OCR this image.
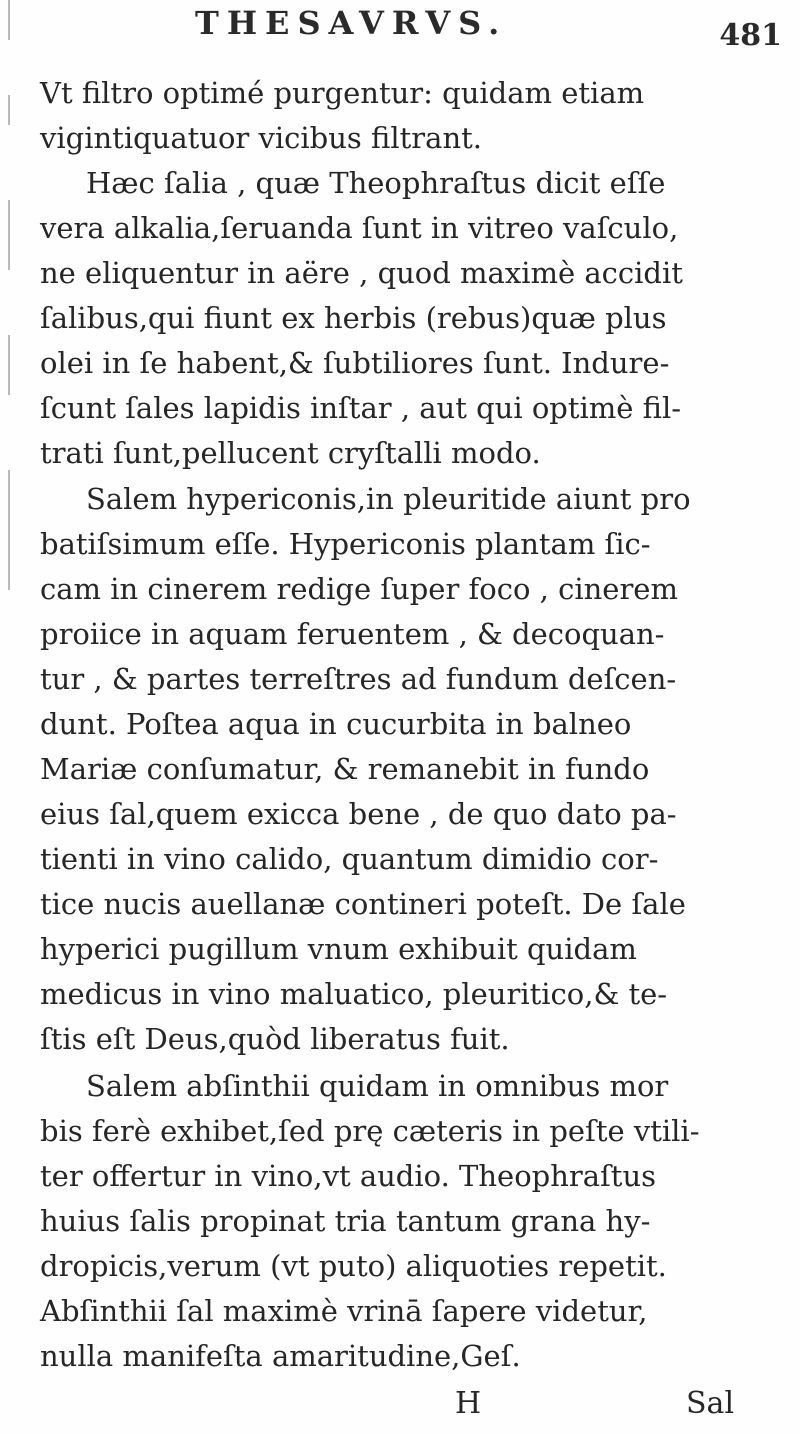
THESAVRVS.	481
Vt filtro optimé purgentur: quidam etiam
vigintiquatuor vicibus filtrant.
Hæc ſalia , quæ Theophraſtus dicit eſſe
vera alkalia,ſeruanda ſunt in vitreo vaſculo,
ne eliquentur in aëre , quod maximè accidit
ſalibus,qui fiunt ex herbis (rebus)quæ plus
olei in ſe habent,& ſubtiliores ſunt. Indure-
ſcunt ſales lapidis inſtar , aut qui optimè fil-
trati ſunt,pellucent cryſtalli modo.
Salem hypericonis,in pleuritide aiunt pro
batiſsimum eſſe. Hypericonis plantam ſic-
cam in cinerem redige ſuper foco , cinerem
proiice in aquam feruentem , & decoquan-
tur , & partes terreſtres ad fundum deſcen-
dunt. Poſtea aqua in cucurbita in balneo
Mariæ conſumatur, & remanebit in fundo
eius ſal,quem exicca bene , de quo dato pa-
tienti in vino calido, quantum dimidio cor-
tice nucis auellanæ contineri poteſt. De ſale
hyperici pugillum vnum exhibuit quidam
medicus in vino maluatico, pleuritico,& te-
ſtis eſt Deus,quòd liberatus fuit.
Salem abſinthii quidam in omnibus mor
bis ferè exhibet,ſed prę cæteris in peſte vtili-
ter offertur in vino,vt audio. Theophraſtus
huius ſalis propinat tria tantum grana hy-
dropicis,verum (vt puto) aliquoties repetit.
Abſinthii ſal maximè vrinā ſapere videtur,
nulla manifeſta amaritudine,Geſ.
H	Sal
